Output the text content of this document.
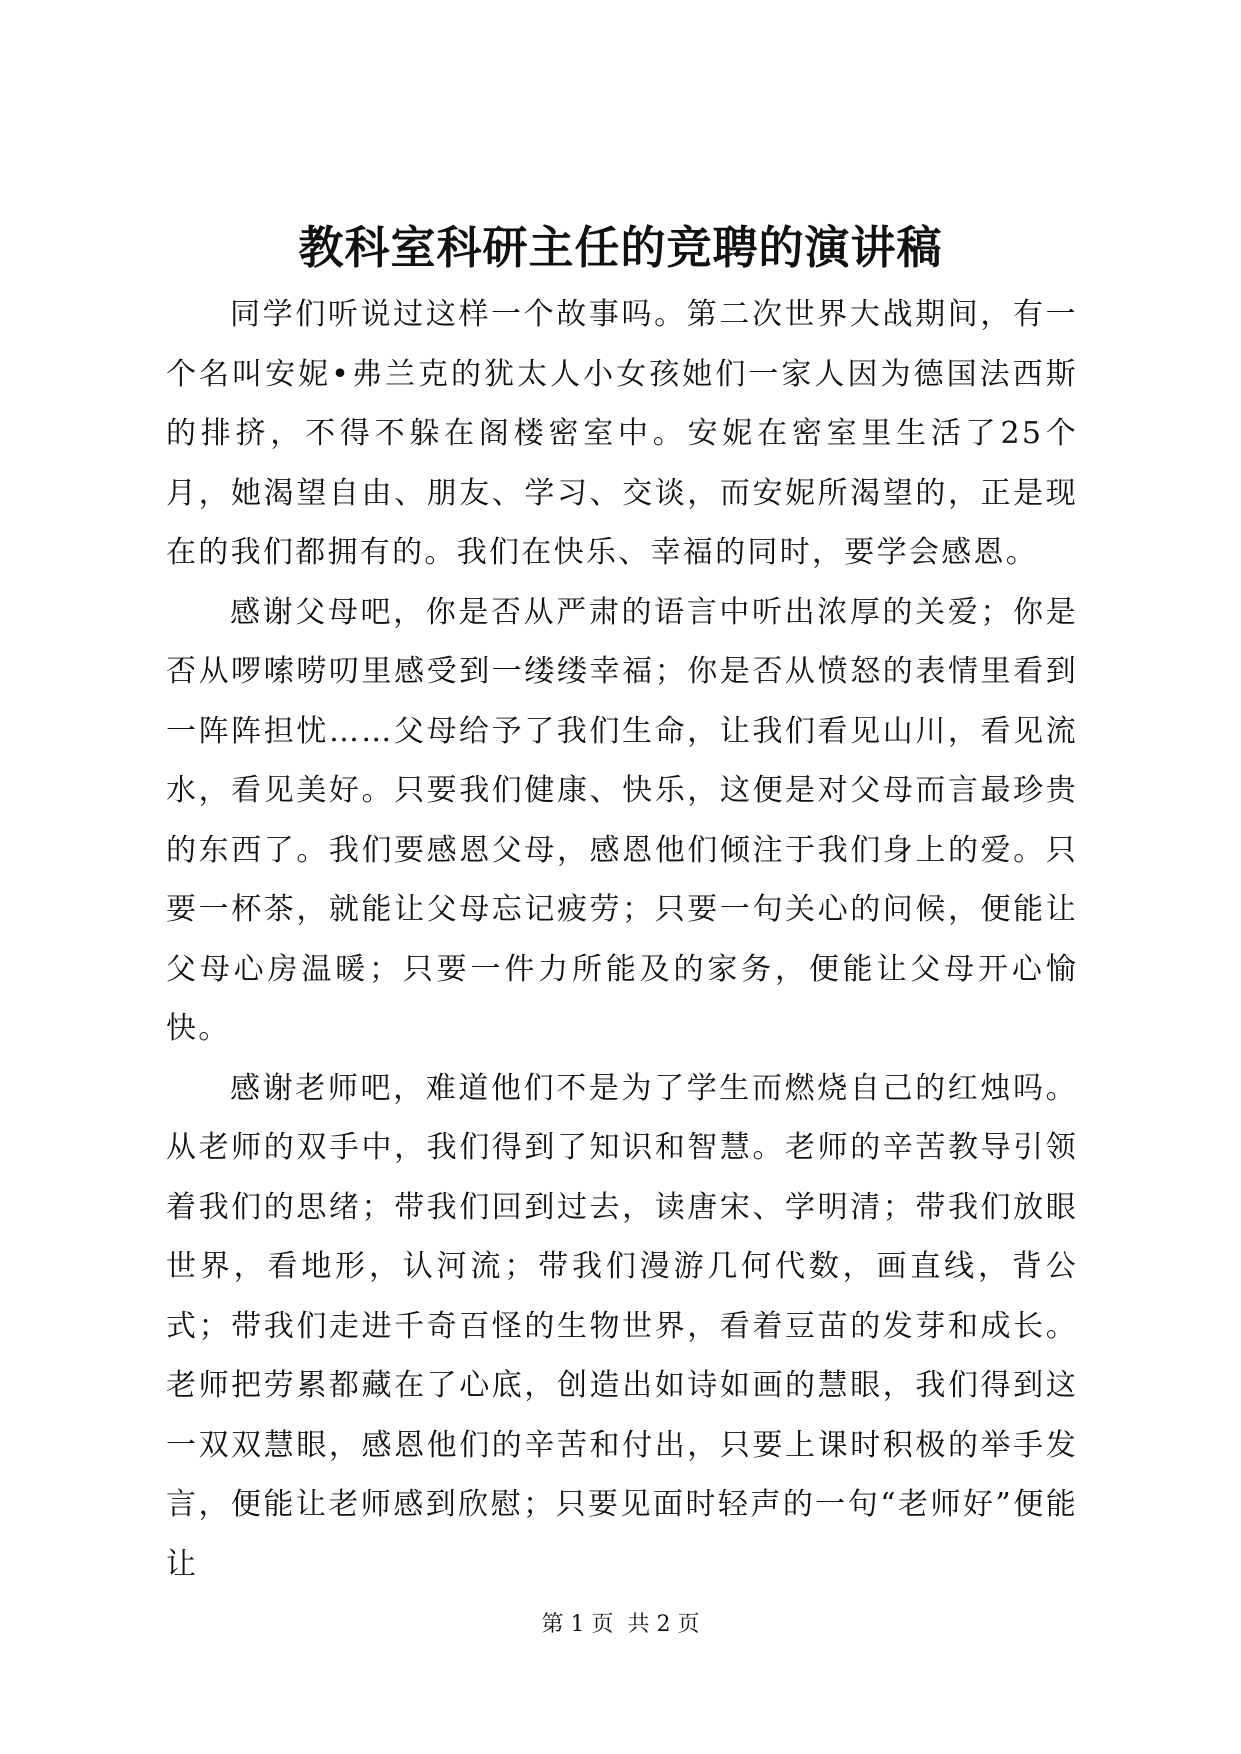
教科室科研主任的竞聘的演讲稿

同学们听说过这样一个故事吗。第二次世界大战期间，有一个名叫安妮•弗兰克的犹太人小女孩她们一家人因为德国法西斯的排挤，不得不躲在阁楼密室中。安妮在密室里生活了25个月，她渴望自由、朋友、学习、交谈，而安妮所渴望的，正是现在的我们都拥有的。我们在快乐、幸福的同时，要学会感恩。

感谢父母吧，你是否从严肃的语言中听出浓厚的关爱；你是否从啰嗦唠叨里感受到一缕缕幸福；你是否从愤怒的表情里看到一阵阵担忧……父母给予了我们生命，让我们看见山川，看见流水，看见美好。只要我们健康、快乐，这便是对父母而言最珍贵的东西了。我们要感恩父母，感恩他们倾注于我们身上的爱。只要一杯茶，就能让父母忘记疲劳；只要一句关心的问候，便能让父母心房温暖；只要一件力所能及的家务，便能让父母开心愉快。

感谢老师吧，难道他们不是为了学生而燃烧自己的红烛吗。从老师的双手中，我们得到了知识和智慧。老师的辛苦教导引领着我们的思绪；带我们回到过去，读唐宋、学明清；带我们放眼世界，看地形，认河流；带我们漫游几何代数，画直线，背公式；带我们走进千奇百怪的生物世界，看着豆苗的发芽和成长。老师把劳累都藏在了心底，创造出如诗如画的慧眼，我们得到这一双双慧眼，感恩他们的辛苦和付出，只要上课时积极的举手发言，便能让老师感到欣慰；只要见面时轻声的一句“老师好”便能让

第 1 页  共 2 页
